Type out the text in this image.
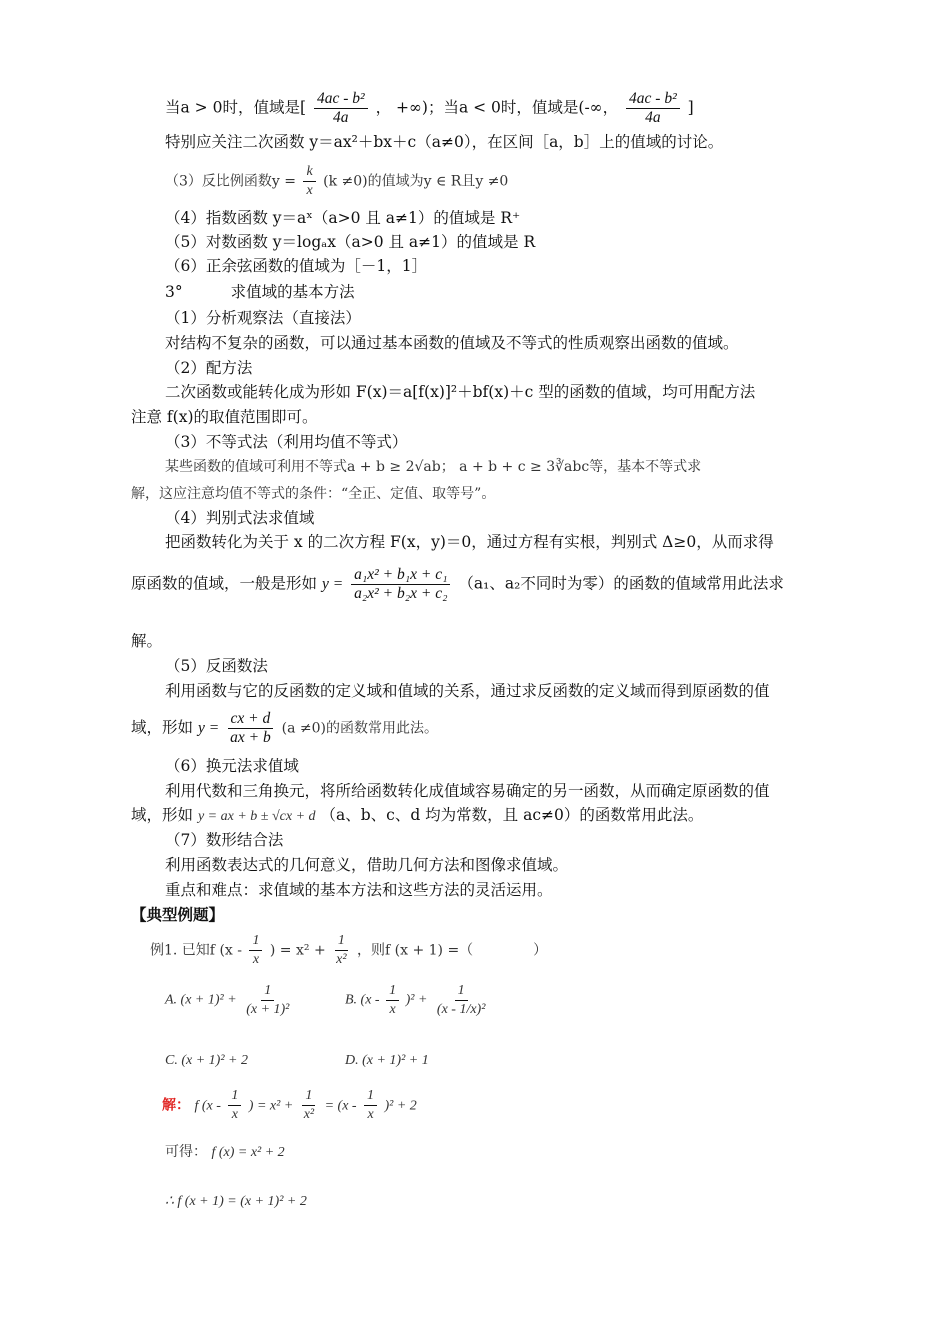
当a > 0时，值域是[ $\frac{\text{4ac - b²}}{4a}$ ， +∞)；当a < 0时，值域是(-∞， $\frac{\text{4ac - b²}}{4a}$ ]
特别应关注二次函数 y＝ax²＋bx＋c（a≠0），在区间［a，b］上的值域的讨论。
（3）反比例函数$y = \frac{k}{x} (k \ne 0)$的值域为y ∈ R且y ≠0
（4）指数函数 y＝aˣ（a>0 且 a≠1）的值域是 R⁺
（5）对数函数 y＝logₐx（a>0 且 a≠1）的值域是 R
（6）正余弦函数的值域为［－1，1］
3°	求值域的基本方法
（1）分析观察法（直接法）
对结构不复杂的函数，可以通过基本函数的值域及不等式的性质观察出函数的值域。
（2）配方法
二次函数或能转化成为形如 F(x)＝a[f(x)]²＋bf(x)＋c 型的函数的值域，均可用配方法
注意 f(x)的取值范围即可。
（3）不等式法（利用均值不等式）
某些函数的值域可利用不等式a + b ≥ 2√ab； a + b + c ≥ 3∛abc等，基本不等式求
解，这应注意均值不等式的条件：“全正、定值、取等号”。
（4）判别式法求值域
把函数转化为关于 x 的二次方程 F(x，y)＝0，通过方程有实根，判别式 Δ≥0，从而求得
原函数的值域，一般是形如 $y = \frac{\text{a₁x² + b₁x + c₁}}{\text{a₂x² + b₂x + c₂}} (a_1$、a₂不同时为零）的函数的值域常用此法求
解。
（5）反函数法
利用函数与它的反函数的定义域和值域的关系，通过求反函数的定义域而得到原函数的值
域，形如 $y = \frac{cx + d}{ax + b} (a \ne 0)$的函数常用此法。
（6）换元法求值域
利用代数和三角换元，将所给函数转化成值域容易确定的另一函数，从而确定原函数的值
域，形如 y = ax + b ± √cx + d （a、b、c、d 均为常数，且 ac≠0）的函数常用此法。
（7）数形结合法
利用函数表达式的几何意义，借助几何方法和图像求值域。
重点和难点：求值域的基本方法和这些方法的灵活运用。
【典型例题】
例1. 已知f ($x - \frac{1}{x}$ ) = $x^2 + \frac{1}{\text{x²}}$ ，则f (x + 1) =（	）
A. $(x + 1)^2 + \frac{1}{\text{(x + 1)²}}$	B. $(x - \frac{1}{x} )^2 + \frac{1}{\text{(x - 1/x)²}}$
C. (x + 1)² + 2	D. (x + 1)² + 1
解： f ($x - \frac{1}{x}$ ) = $x^2 + \frac{1}{\text{x²}} = (x - \frac{1}{x} )^2 + 2$
可得： f (x) = x² + 2
∴ f (x + 1) = (x + 1)² + 2
